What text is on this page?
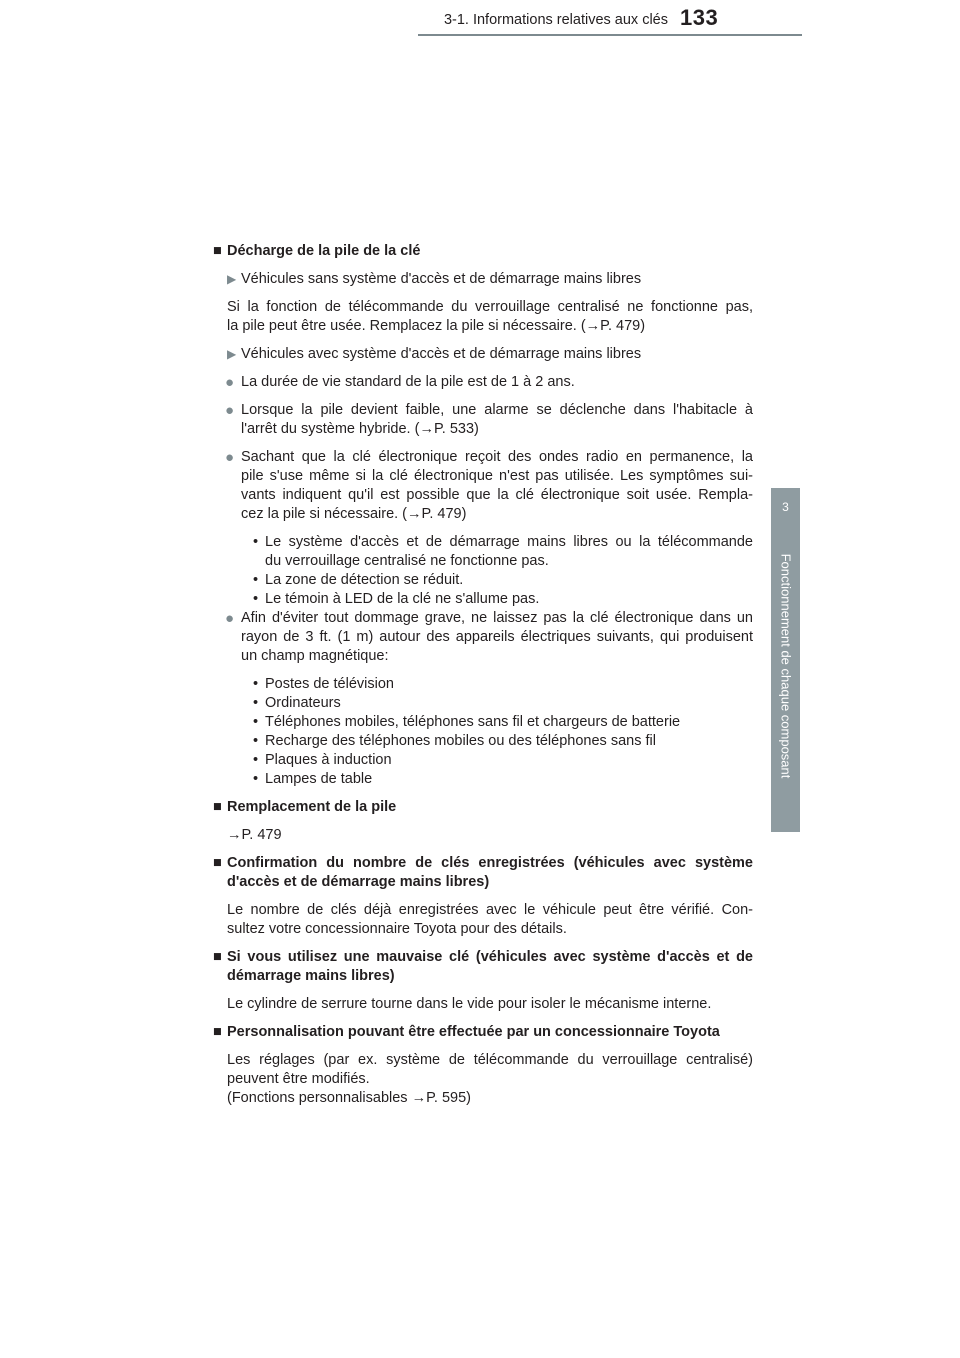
3-1. Informations relatives aux clés 133
3
Fonctionnement de chaque composant
■ Décharge de la pile de la clé
▶ Véhicules sans système d'accès et de démarrage mains libres
Si la fonction de télécommande du verrouillage centralisé ne fonctionne pas,
la pile peut être usée. Remplacez la pile si nécessaire. (→P. 479)
▶ Véhicules avec système d'accès et de démarrage mains libres
● La durée de vie standard de la pile est de 1 à 2 ans.
● Lorsque la pile devient faible, une alarme se déclenche dans l'habitacle à
l'arrêt du système hybride. (→P. 533)
● Sachant que la clé électronique reçoit des ondes radio en permanence, la
pile s'use même si la clé électronique n'est pas utilisée. Les symptômes sui-
vants indiquent qu'il est possible que la clé électronique soit usée. Rempla-
cez la pile si nécessaire. (→P. 479)
• Le système d'accès et de démarrage mains libres ou la télécommande
du verrouillage centralisé ne fonctionne pas.
• La zone de détection se réduit.
• Le témoin à LED de la clé ne s'allume pas.
● Afin d'éviter tout dommage grave, ne laissez pas la clé électronique dans un
rayon de 3 ft. (1 m) autour des appareils électriques suivants, qui produisent
un champ magnétique:
• Postes de télévision
• Ordinateurs
• Téléphones mobiles, téléphones sans fil et chargeurs de batterie
• Recharge des téléphones mobiles ou des téléphones sans fil
• Plaques à induction
• Lampes de table
■ Remplacement de la pile
→P. 479
■ Confirmation du nombre de clés enregistrées (véhicules avec système
d'accès et de démarrage mains libres)
Le nombre de clés déjà enregistrées avec le véhicule peut être vérifié. Con-
sultez votre concessionnaire Toyota pour des détails.
■ Si vous utilisez une mauvaise clé (véhicules avec système d'accès et de
démarrage mains libres)
Le cylindre de serrure tourne dans le vide pour isoler le mécanisme interne.
■ Personnalisation pouvant être effectuée par un concessionnaire Toyota
Les réglages (par ex. système de télécommande du verrouillage centralisé)
peuvent être modifiés.
(Fonctions personnalisables →P. 595)
